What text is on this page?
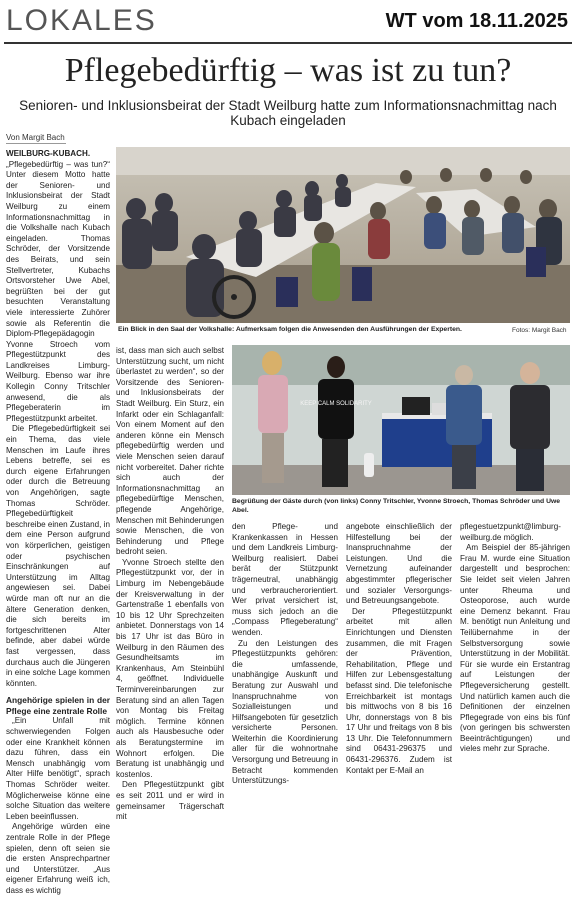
LOKALES	WT vom 18.11.2025
Pflegebedürftig – was ist zu tun?
Senioren- und Inklusionsbeirat der Stadt Weilburg hatte zum Informationsnachmittag nach Kubach eingeladen
Von Margit Bach

WEILBURG-KUBACH. „Pflegebedürftig – was tun?“ Unter diesem Motto hatte der Senioren- und Inklusionsbeirat der Stadt Weilburg zu einem Informationsnachmittag in die Volkshalle nach Kubach eingeladen. Thomas Schröder, der Vorsitzende des Beirats, und sein Stellvertreter, Kubachs Ortsvorsteher Uwe Abel, begrüßten bei der gut besuchten Veranstaltung viele interessierte Zuhörer sowie als Referentin die Diplom-Pflegepädagogin Yvonne Stroech vom Pflegestützpunkt des Landkreises Limburg-Weilburg. Ebenso war ihre Kollegin Conny Tritschler anwesend, die als Pflegeberaterin im Pflegestützpunkt arbeitet.

Die Pflegebedürftigkeit sei ein Thema, das viele Menschen im Laufe ihres Lebens betreffe, sei es durch eigene Erfahrungen oder durch die Betreuung von Angehörigen, sagte Thomas Schröder. Pflegebedürftigkeit beschreibe einen Zustand, in dem eine Person aufgrund von körperlichen, geistigen oder psychischen Einschränkungen auf Unterstützung im Alltag angewiesen sei. Dabei würde man oft nur an die ältere Generation denken, die sich bereits im fortgeschrittenen Alter befinde, aber dabei würde fast vergessen, dass durchaus auch die Jüngeren in eine solche Lage kommen könnten.

Angehörige spielen in der Pflege eine zentrale Rolle

„Ein Unfall mit schwerwiegenden Folgen oder eine Krankheit können dazu führen, dass ein Mensch unabhängig vom Alter Hilfe benötigt“, sprach Thomas Schröder weiter. Möglicherweise könne eine solche Situation das weitere Leben beeinflussen.

Angehörige würden eine zentrale Rolle in der Pflege spielen, denn oft seien sie die ersten Ansprechpartner und Unterstützer. „Aus eigener Erfahrung weiß ich, dass es wichtig

Ein Blick in den Saal der Volkshalle: Aufmerksam folgen die Anwesenden den Ausführungen der Experten.	Fotos: Margit Bach

ist, dass man sich auch selbst Unterstützung sucht, um nicht überlastet zu werden“, so der Vorsitzende des Senioren- und Inklusionsbeirats der Stadt Weilburg. Ein Sturz, ein Infarkt oder ein Schlaganfall: Von einem Moment auf den anderen könne ein Mensch pflegebedürftig werden und viele Menschen seien darauf nicht vorbereitet. Daher richte sich auch der Informationsnachmittag an pflegebedürftige Menschen, pflegende Angehörige, Menschen mit Behinderungen sowie Menschen, die von Behinderung und Pflege bedroht seien.

Yvonne Stroech stellte den Pflegestützpunkt vor, der in Limburg im Nebengebäude der Kreisverwaltung in der Gartenstraße 1 ebenfalls von 10 bis 12 Uhr Sprechzeiten anbietet. Donnerstags von 14 bis 17 Uhr ist das Büro in Weilburg in den Räumen des Gesundheitsamts im Krankenhaus, Am Steinbühl 4, geöffnet. Individuelle Terminvereinbarungen zur Beratung sind an allen Tagen von Montag bis Freitag möglich. Termine können auch als Hausbesuche oder als Beratungstermine im Wohnort erfolgen. Die Beratung ist unabhängig und kostenlos.

Den Pflegestützpunkt gibt es seit 2011 und er wird in gemeinsamer Trägerschaft mit

KEEP CALM SOLIDARITY
Begrüßung der Gäste durch (von links) Conny Tritschler, Yvonne Stroech, Thomas Schröder und Uwe Abel.

den Pflege- und Krankenkassen in Hessen und dem Landkreis Limburg-Weilburg realisiert. Dabei berät der Stützpunkt trägerneutral, unabhängig und verbraucherorientiert. Wer privat versichert ist, muss sich jedoch an die „Compass Pflegeberatung“ wenden.

Zu den Leistungen des Pflegestützpunkts gehören: die umfassende, unabhängige Auskunft und Beratung zur Auswahl und Inanspruchnahme von Sozialleistungen und Hilfsangeboten für gesetzlich versicherte Personen. Weiterhin die Koordinierung aller für die wohnortnahe Versorgung und Betreuung in Betracht kommenden Unterstützungs-

angebote einschließlich der Hilfestellung bei der Inanspruchnahme der Leistungen. Und die Vernetzung aufeinander abgestimmter pflegerischer und sozialer Versorgungs- und Betreuungsangebote.

Der Pflegestützpunkt arbeitet mit allen Einrichtungen und Diensten zusammen, die mit Fragen der Prävention, Rehabilitation, Pflege und Hilfen zur Lebensgestaltung befasst sind. Die telefonische Erreichbarkeit ist montags bis mittwochs von 8 bis 16 Uhr, donnerstags von 8 bis 17 Uhr und freitags von 8 bis 13 Uhr. Die Telefonnummern sind 06431-296375 und 06431-296376. Zudem ist Kontakt per E-Mail an

pflegestuetzpunkt@limburg-weilburg.de möglich.

Am Beispiel der 85-jährigen Frau M. wurde eine Situation dargestellt und besprochen: Sie leidet seit vielen Jahren unter Rheuma und Osteoporose, auch wurde eine Demenz bekannt. Frau M. benötigt nun Anleitung und Teilübernahme in der Selbstversorgung sowie Unterstützung in der Mobilität. Für sie wurde ein Erstantrag auf Leistungen der Pflegeversicherung gestellt. Und natürlich kamen auch die Definitionen der einzelnen Pflegegrade von eins bis fünf (von geringen bis schwersten Beeinträchtigungen) und vieles mehr zur Sprache.
